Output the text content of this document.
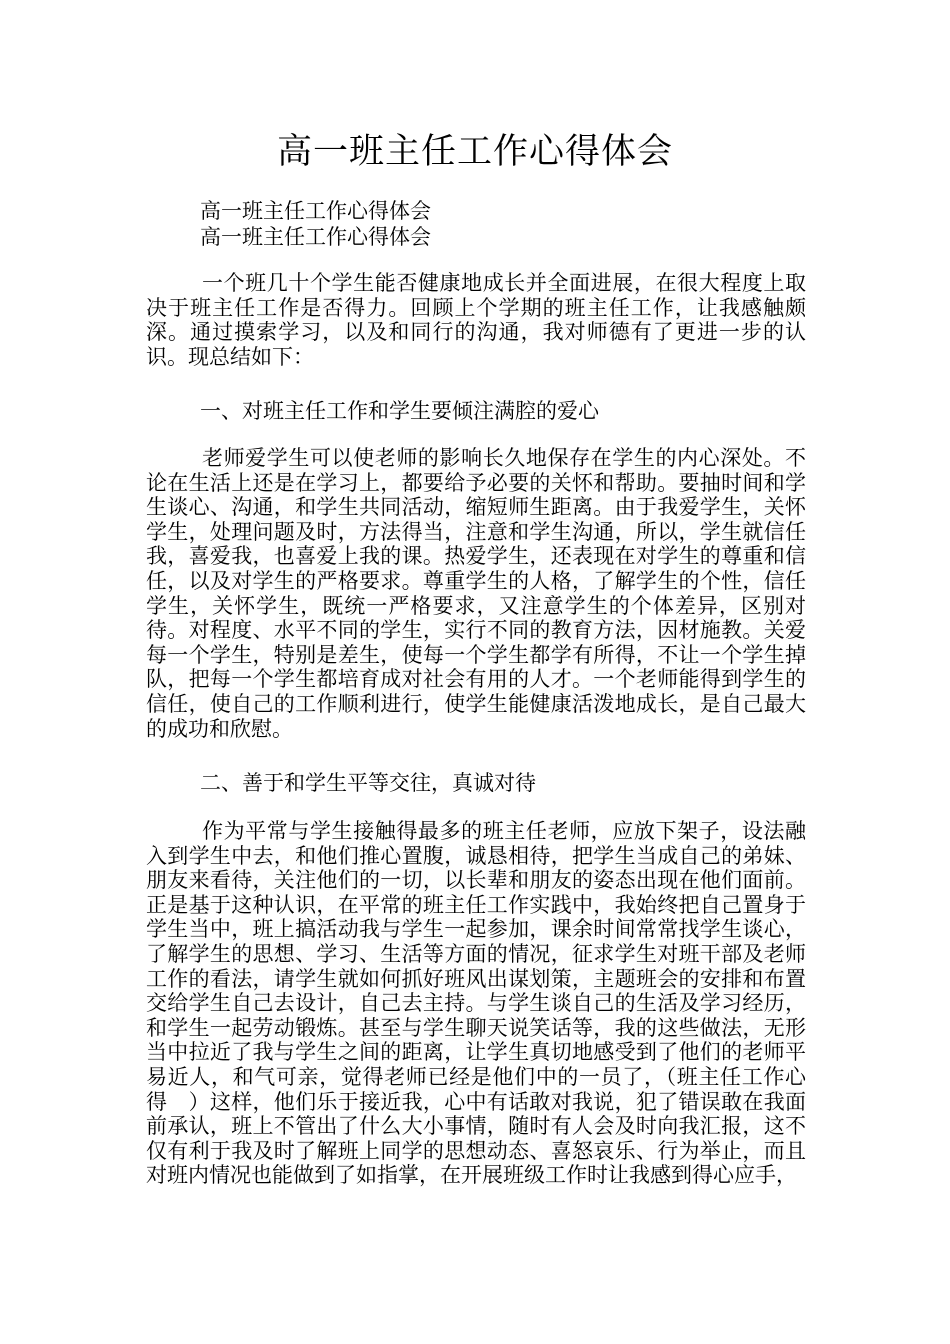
高一班主任工作心得体会
高一班主任工作心得体会
高一班主任工作心得体会
一个班几十个学生能否健康地成长并全面进展，在很大程度上取决于班主任工作是否得力。回顾上个学期的班主任工作，让我感触颇深。通过摸索学习，以及和同行的沟通，我对师德有了更进一步的认识。现总结如下：
一、对班主任工作和学生要倾注满腔的爱心
老师爱学生可以使老师的影响长久地保存在学生的内心深处。不论在生活上还是在学习上，都要给予必要的关怀和帮助。要抽时间和学生谈心、沟通，和学生共同活动，缩短师生距离。由于我爱学生，关怀学生，处理问题及时，方法得当，注意和学生沟通，所以，学生就信任我，喜爱我，也喜爱上我的课。热爱学生，还表现在对学生的尊重和信任，以及对学生的严格要求。尊重学生的人格，了解学生的个性，信任学生，关怀学生，既统一严格要求，又注意学生的个体差异，区别对待。对程度、水平不同的学生，实行不同的教育方法，因材施教。关爱每一个学生，特别是差生，使每一个学生都学有所得，不让一个学生掉队，把每一个学生都培育成对社会有用的人才。一个老师能得到学生的信任，使自己的工作顺利进行，使学生能健康活泼地成长，是自己最大的成功和欣慰。
二、善于和学生平等交往，真诚对待
作为平常与学生接触得最多的班主任老师，应放下架子，设法融入到学生中去，和他们推心置腹，诚恳相待，把学生当成自己的弟妹、朋友来看待，关注他们的一切，以长辈和朋友的姿态出现在他们面前。正是基于这种认识，在平常的班主任工作实践中，我始终把自己置身于学生当中，班上搞活动我与学生一起参加，课余时间常常找学生谈心，了解学生的思想、学习、生活等方面的情况，征求学生对班干部及老师工作的看法，请学生就如何抓好班风出谋划策，主题班会的安排和布置交给学生自己去设计，自己去主持。与学生谈自己的生活及学习经历，和学生一起劳动锻炼。甚至与学生聊天说笑话等，我的这些做法，无形当中拉近了我与学生之间的距离，让学生真切地感受到了他们的老师平易近人，和气可亲，觉得老师已经是他们中的一员了，（班主任工作心得　）这样，他们乐于接近我，心中有话敢对我说，犯了错误敢在我面前承认，班上不管出了什么大小事情，随时有人会及时向我汇报，这不仅有利于我及时了解班上同学的思想动态、喜怒哀乐、行为举止，而且对班内情况也能做到了如指掌，在开展班级工作时让我感到得心应手，
